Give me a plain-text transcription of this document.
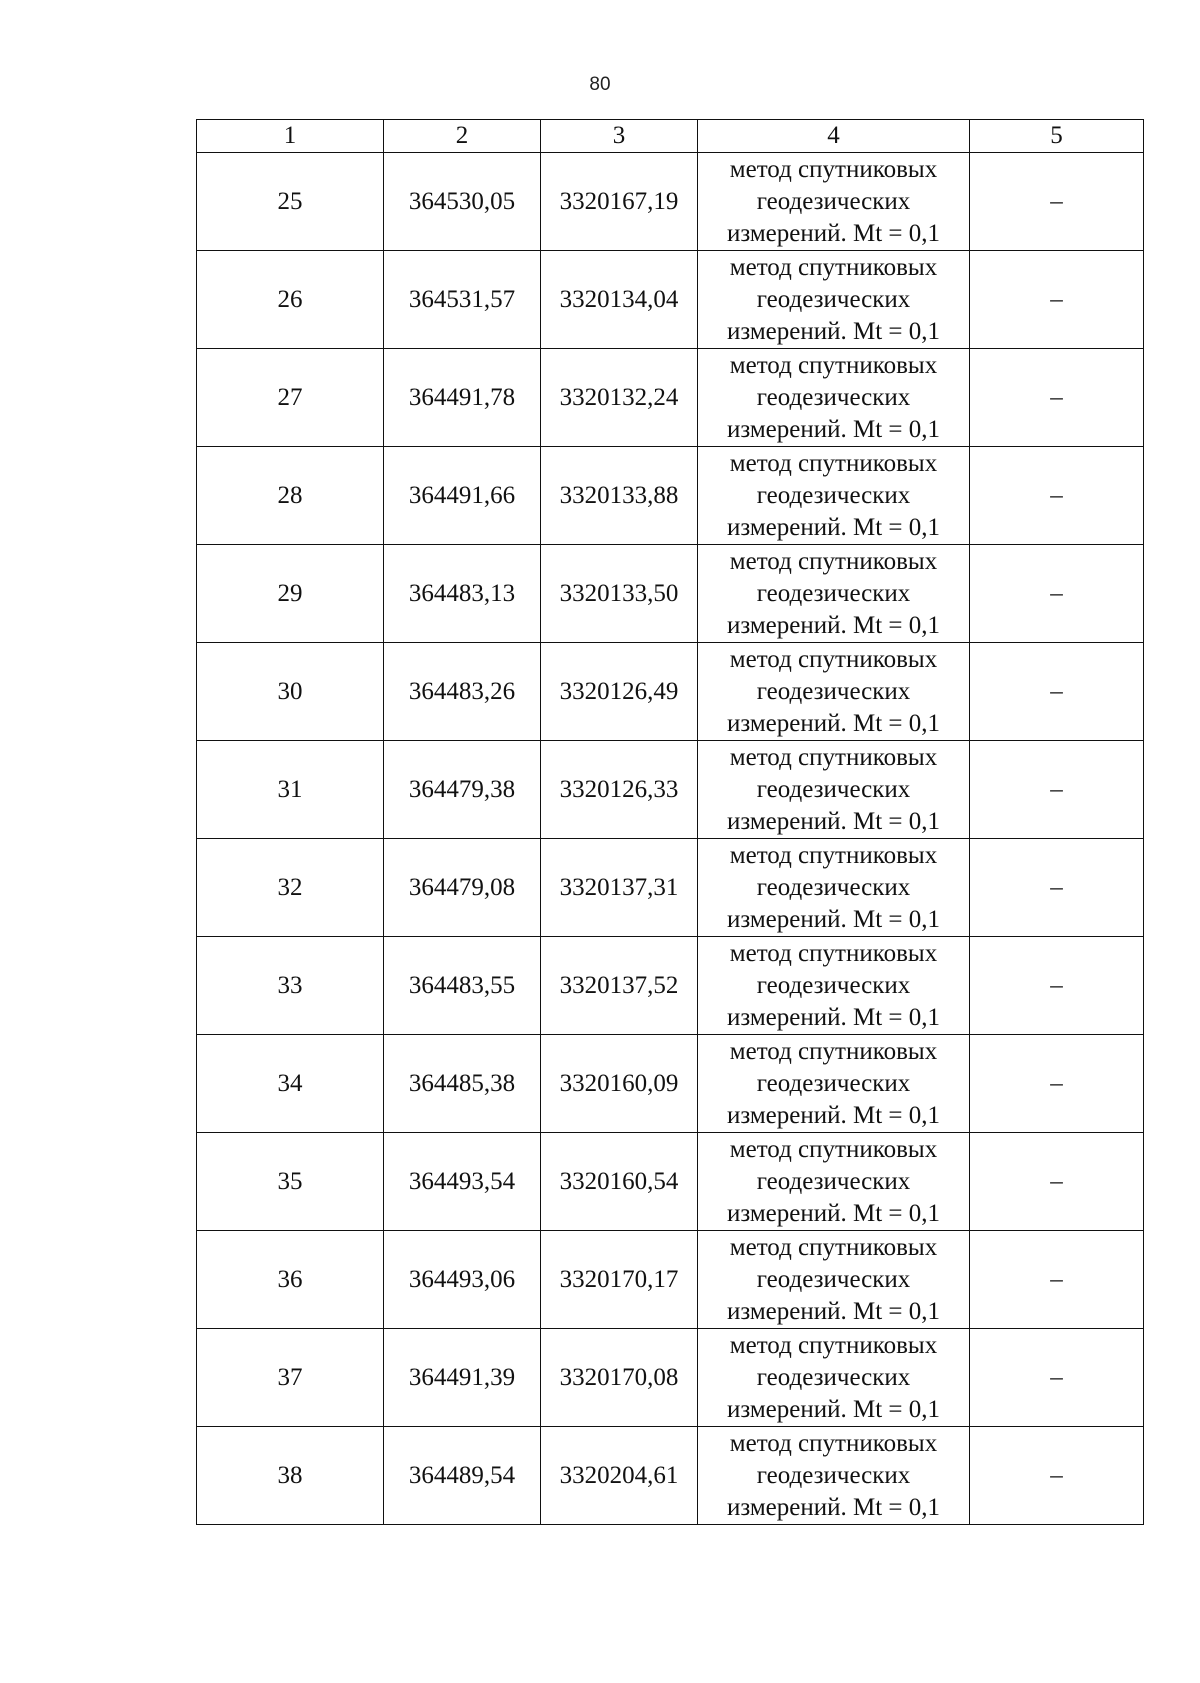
80
1	2	3	4	5
25	364530,05	3320167,19	метод спутниковых
геодезических
измерений. Mt = 0,1	–
26	364531,57	3320134,04	метод спутниковых
геодезических
измерений. Mt = 0,1	–
27	364491,78	3320132,24	метод спутниковых
геодезических
измерений. Mt = 0,1	–
28	364491,66	3320133,88	метод спутниковых
геодезических
измерений. Mt = 0,1	–
29	364483,13	3320133,50	метод спутниковых
геодезических
измерений. Mt = 0,1	–
30	364483,26	3320126,49	метод спутниковых
геодезических
измерений. Mt = 0,1	–
31	364479,38	3320126,33	метод спутниковых
геодезических
измерений. Mt = 0,1	–
32	364479,08	3320137,31	метод спутниковых
геодезических
измерений. Mt = 0,1	–
33	364483,55	3320137,52	метод спутниковых
геодезических
измерений. Mt = 0,1	–
34	364485,38	3320160,09	метод спутниковых
геодезических
измерений. Mt = 0,1	–
35	364493,54	3320160,54	метод спутниковых
геодезических
измерений. Mt = 0,1	–
36	364493,06	3320170,17	метод спутниковых
геодезических
измерений. Mt = 0,1	–
37	364491,39	3320170,08	метод спутниковых
геодезических
измерений. Mt = 0,1	–
38	364489,54	3320204,61	метод спутниковых
геодезических
измерений. Mt = 0,1	–
